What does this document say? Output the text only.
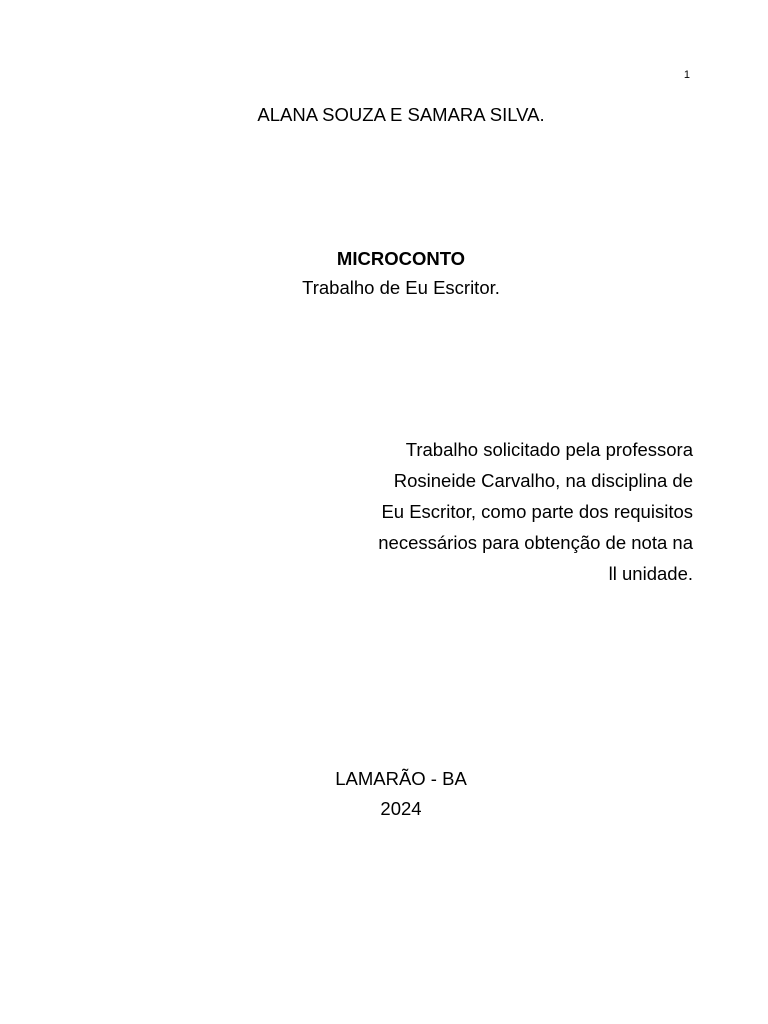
1
ALANA SOUZA E SAMARA SILVA.
MICROCONTO
Trabalho de Eu Escritor.
Trabalho solicitado pela professora
Rosineide Carvalho, na disciplina de
Eu Escritor, como parte dos requisitos
necessários para obtenção de nota na
ll unidade.
LAMARÃO - BA
2024
